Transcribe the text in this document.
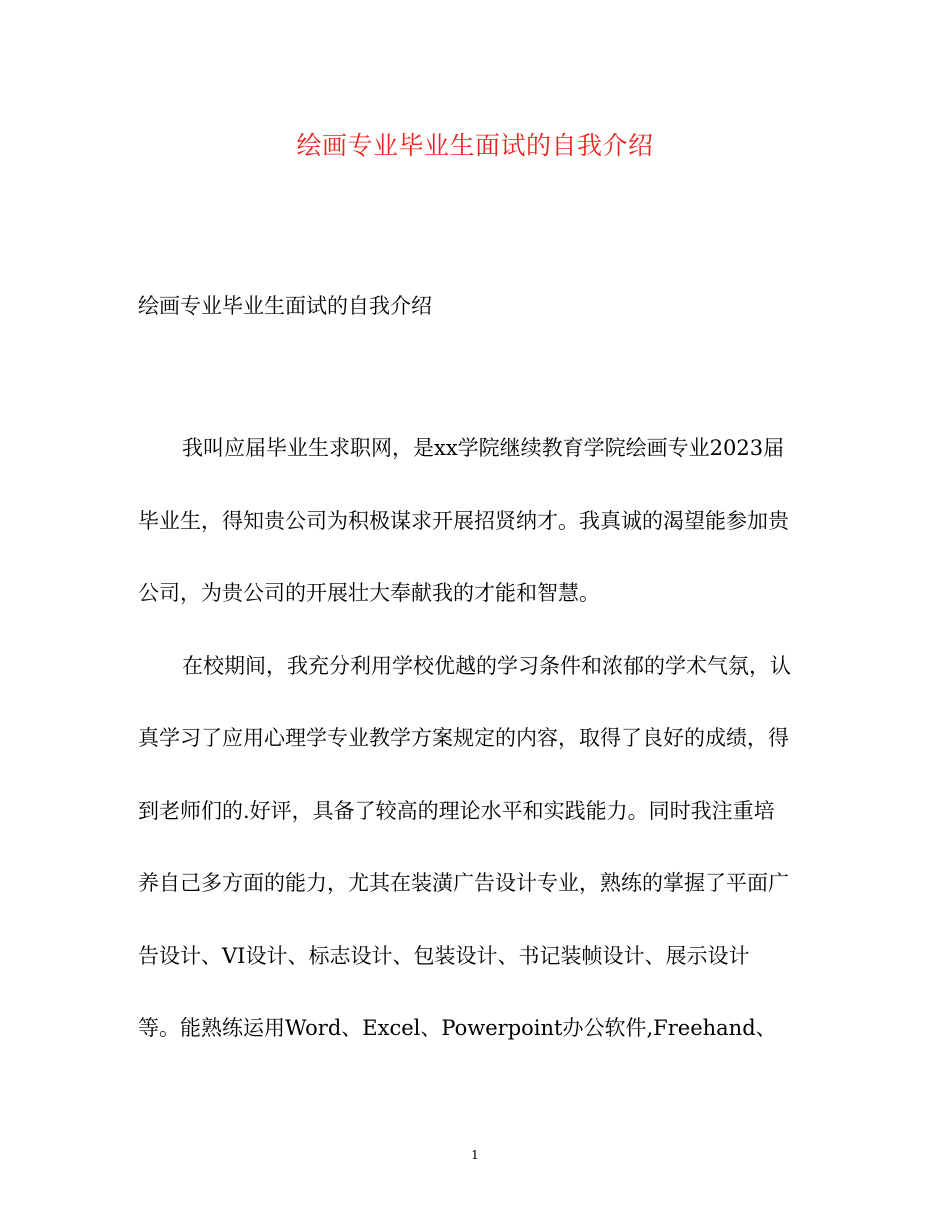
绘画专业毕业生面试的自我介绍
绘画专业毕业生面试的自我介绍
我叫应届毕业生求职网，是xx学院继续教育学院绘画专业2023届
毕业生，得知贵公司为积极谋求开展招贤纳才。我真诚的渴望能参加贵
公司，为贵公司的开展壮大奉献我的才能和智慧。
在校期间，我充分利用学校优越的学习条件和浓郁的学术气氛，认
真学习了应用心理学专业教学方案规定的内容，取得了良好的成绩，得
到老师们的.好评，具备了较高的理论水平和实践能力。同时我注重培
养自己多方面的能力，尤其在装潢广告设计专业，熟练的掌握了平面广
告设计、VI设计、标志设计、包装设计、书记装帧设计、展示设计
等。能熟练运用Word、Excel、Powerpoint办公软件,Freehand、
1
